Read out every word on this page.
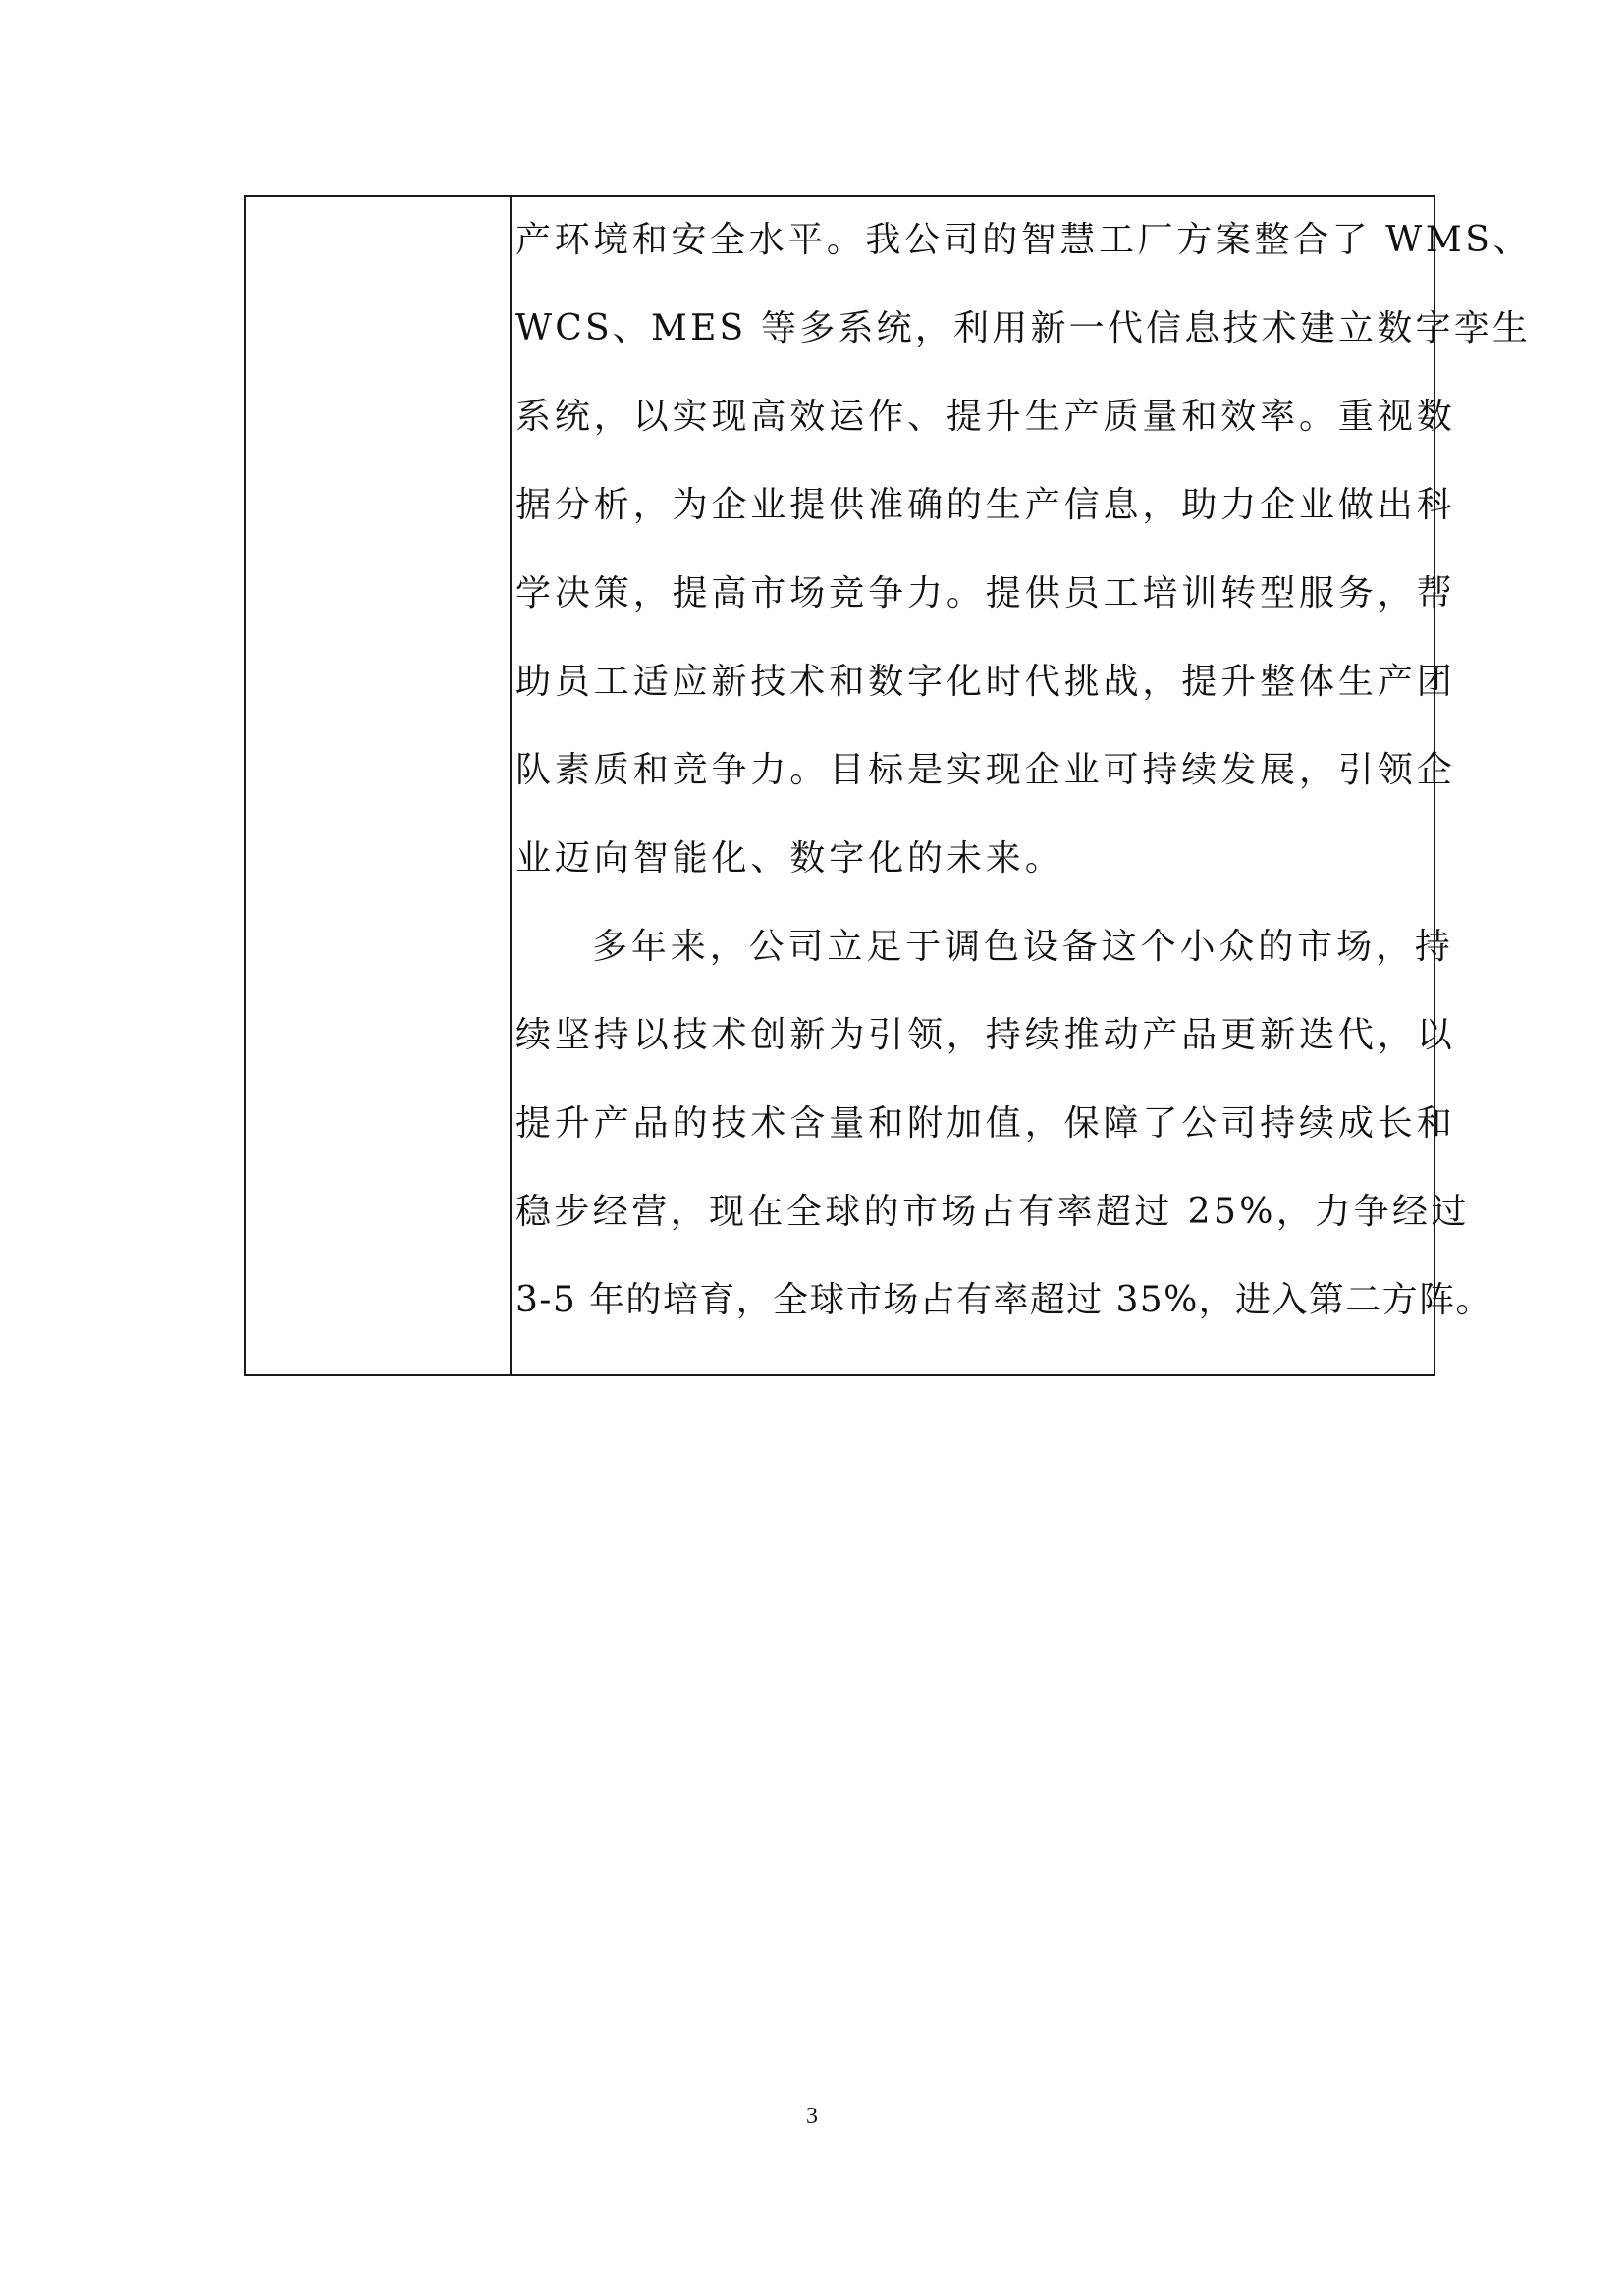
产环境和安全水平。我公司的智慧工厂方案整合了 WMS、
WCS、MES 等多系统，利用新一代信息技术建立数字孪生
系统，以实现高效运作、提升生产质量和效率。重视数
据分析，为企业提供准确的生产信息，助力企业做出科
学决策，提高市场竞争力。提供员工培训转型服务，帮
助员工适应新技术和数字化时代挑战，提升整体生产团
队素质和竞争力。目标是实现企业可持续发展，引领企
业迈向智能化、数字化的未来。
多年来，公司立足于调色设备这个小众的市场，持
续坚持以技术创新为引领，持续推动产品更新迭代，以
提升产品的技术含量和附加值，保障了公司持续成长和
稳步经营，现在全球的市场占有率超过 25%，力争经过
3-5 年的培育，全球市场占有率超过 35%，进入第二方阵。
3
